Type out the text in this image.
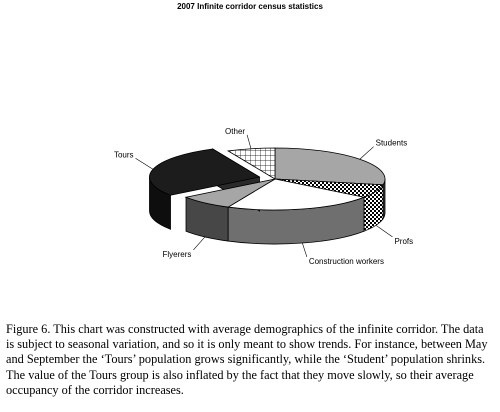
2007 Infinite corridor census statistics
Students
Profs
Construction workers
Flyerers
Tours
Other

Figure 6. This chart was constructed with average demographics of the infinite corridor. The data is subject to seasonal variation, and so it is only meant to show trends. For instance, between May and September the ‘Tours’ population grows significantly, while the ‘Student’ population shrinks. The value of the Tours group is also inflated by the fact that they move slowly, so their average occupancy of the corridor increases.
